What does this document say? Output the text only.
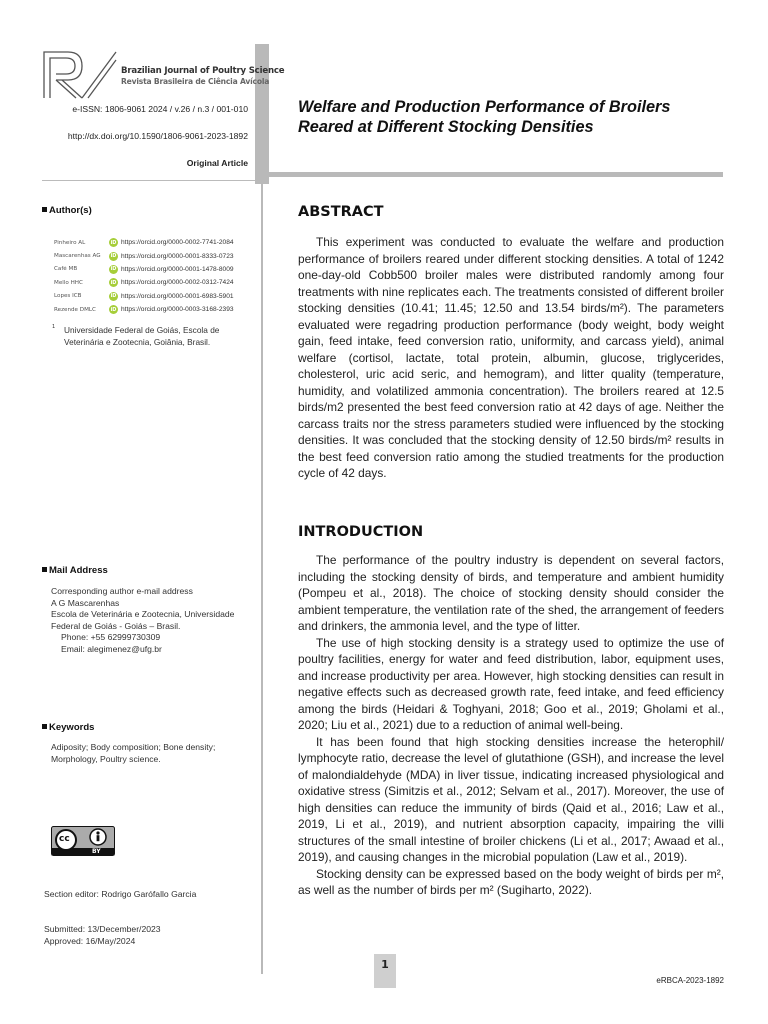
Brazilian Journal of Poultry Science
Revista Brasileira de Ciência Avícola
e-ISSN: 1806-9061 2024 / v.26 / n.3 / 001-010
http://dx.doi.org/10.1590/1806-9061-2023-1892
Original Article
Welfare and Production Performance of Broilers Reared at Different Stocking Densities
Author(s)
Pinheiro AL	iD https://orcid.org/0000-0002-7741-2084
Mascarenhas AG	iD https://orcid.org/0000-0001-8333-0723
Café MB	iD https://orcid.org/0000-0001-1478-8009
Mello HHC	iD https://orcid.org/0000-0002-0312-7424
Lopes ICB	iD https://orcid.org/0000-0001-6983-5901
Rezende DMLC	iD https://orcid.org/0000-0003-3168-2393
1	Universidade Federal de Goiás, Escola de Veterinária e Zootecnia, Goiânia, Brasil.
Mail Address
Corresponding author e-mail address
A G Mascarenhas
Escola de Veterinária e Zootecnia, Universidade Federal de Goiás - Goiás – Brasil.
Phone: +55 62999730309
Email: alegimenez@ufg.br
Keywords
Adiposity; Body composition; Bone density; Morphology, Poultry science.
cc
BY
Section editor: Rodrigo Garófallo Garcia
Submitted: 13/December/2023
Approved: 16/May/2024
ABSTRACT

This experiment was conducted to evaluate the welfare and production performance of broilers reared under different stocking densities. A total of 1242 one-day-old Cobb500 broiler males were distributed randomly among four treatments with nine replicates each. The treatments consisted of different broiler stocking densities (10.41; 11.45; 12.50 and 13.54 birds/m²). The parameters evaluated were regadring production performance (body weight, body weight gain, feed intake, feed conversion ratio, uniformity, and carcass yield), animal welfare (cortisol, lactate, total protein, albumin, glucose, triglycerides, cholesterol, uric acid seric, and hemogram), and litter quality (temperature, humidity, and volatilized ammonia concentration). The broilers reared at 12.5 birds/m2 presented the best feed conversion ratio at 42 days of age. Neither the carcass traits nor the stress parameters studied were influenced by the stocking densities. It was concluded that the stocking density of 12.50 birds/m² results in the best feed conversion ratio among the studied treatments for the production cycle of 42 days.

INTRODUCTION

The performance of the poultry industry is dependent on several factors, including the stocking density of birds, and temperature and ambient humidity (Pompeu et al., 2018). The choice of stocking density should consider the ambient temperature, the ventilation rate of the shed, the arrangement of feeders and drinkers, the ammonia level, and the type of litter.

The use of high stocking density is a strategy used to optimize the use of poultry facilities, energy for water and feed distribution, labor, equipment uses, and increase productivity per area. However, high stocking densities can result in negative effects such as decreased growth rate, feed intake, and feed efficiency among the birds (Heidari & Toghyani, 2018; Goo et al., 2019; Gholami et al., 2020; Liu et al., 2021) due to a reduction of animal well-being.

It has been found that high stocking densities increase the heterophil/ lymphocyte ratio, decrease the level of glutathione (GSH), and increase the level of malondialdehyde (MDA) in liver tissue, indicating increased physiological and oxidative stress (Simitzis et al., 2012; Selvam et al., 2017). Moreover, the use of high densities can reduce the immunity of birds (Qaid et al., 2016; Law et al., 2019, Li et al., 2019), and nutrient absorption capacity, impairing the villi structures of the small intestine of broiler chickens (Li et al., 2017; Awaad et al., 2019), and causing changes in the microbial population (Law et al., 2019).

Stocking density can be expressed based on the body weight of birds per m², as well as the number of birds per m² (Sugiharto, 2022).

1
eRBCA-2023-1892
